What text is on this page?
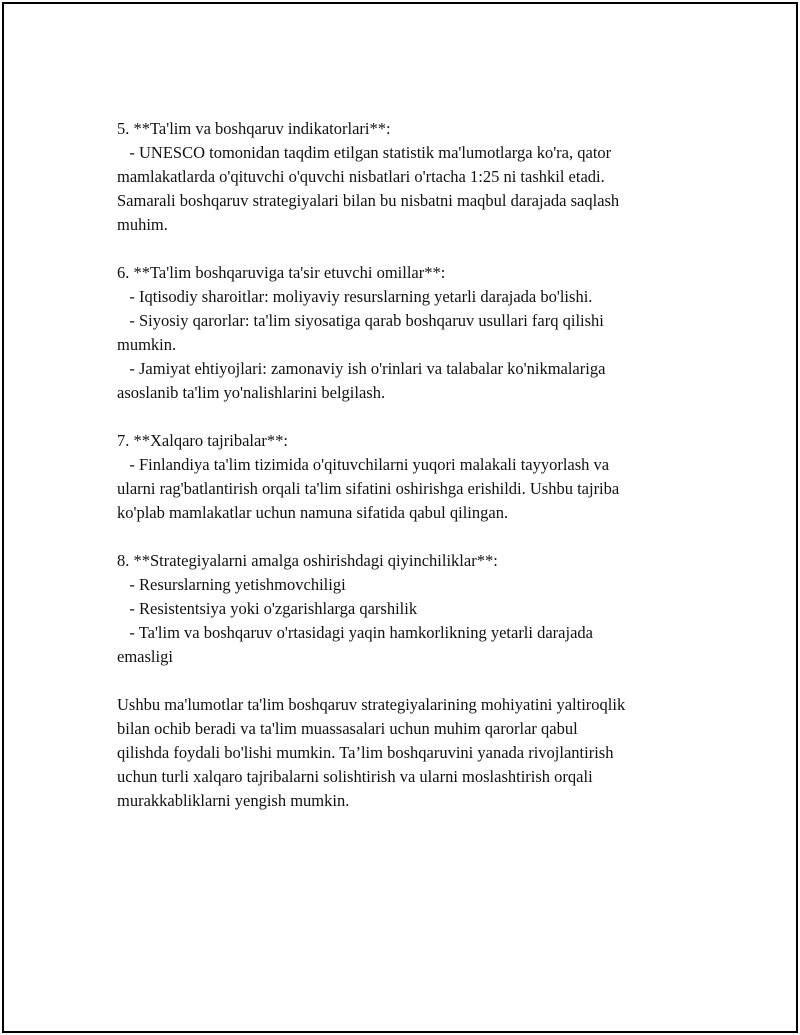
5. **Ta'lim va boshqaruv indikatorlari**:
- UNESCO tomonidan taqdim etilgan statistik ma'lumotlarga ko'ra, qator
mamlakatlarda o'qituvchi o'quvchi nisbatlari o'rtacha 1:25 ni tashkil etadi.
Samarali boshqaruv strategiyalari bilan bu nisbatni maqbul darajada saqlash
muhim.
6. **Ta'lim boshqaruviga ta'sir etuvchi omillar**:
- Iqtisodiy sharoitlar: moliyaviy resurslarning yetarli darajada bo'lishi.
- Siyosiy qarorlar: ta'lim siyosatiga qarab boshqaruv usullari farq qilishi
mumkin.
- Jamiyat ehtiyojlari: zamonaviy ish o'rinlari va talabalar ko'nikmalariga
asoslanib ta'lim yo'nalishlarini belgilash.
7. **Xalqaro tajribalar**:
- Finlandiya ta'lim tizimida o'qituvchilarni yuqori malakali tayyorlash va
ularni rag'batlantirish orqali ta'lim sifatini oshirishga erishildi. Ushbu tajriba
ko'plab mamlakatlar uchun namuna sifatida qabul qilingan.
8. **Strategiyalarni amalga oshirishdagi qiyinchiliklar**:
- Resurslarning yetishmovchiligi
- Resistentsiya yoki o'zgarishlarga qarshilik
- Ta'lim va boshqaruv o'rtasidagi yaqin hamkorlikning yetarli darajada
emasligi
Ushbu ma'lumotlar ta'lim boshqaruv strategiyalarining mohiyatini yaltiroqlik
bilan ochib beradi va ta'lim muassasalari uchun muhim qarorlar qabul
qilishda foydali bo'lishi mumkin. Ta’lim boshqaruvini yanada rivojlantirish
uchun turli xalqaro tajribalarni solishtirish va ularni moslashtirish orqali
murakkabliklarni yengish mumkin.
